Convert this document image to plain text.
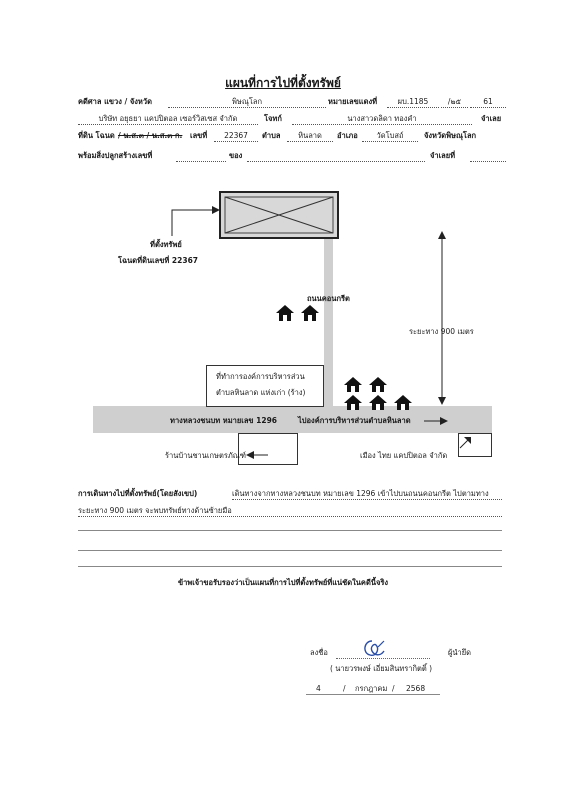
แผนที่การไปที่ตั้งทรัพย์
คดีศาล แขวง / จังหวัด	พิษณุโลก	หมายเลขแดงที่	ผบ.1185	/๒๕	61
บริษัท อยุธยา แคปปิตอล เซอร์วิสเซส จำกัด	โจทก์	นางสาวดลิดา ทองคำ	จำเลย
ที่ดิน โฉนด / น.ส.๓ / น.ส.๓ ก. เลขที่	22367	ตำบล	หินลาด	อำเภอ	วัดโบสถ์	จังหวัดพิษณุโลก
พร้อมสิ่งปลูกสร้างเลขที่	ของ	จำเลยที่
ที่ตั้งทรัพย์
โฉนดที่ดินเลขที่ 22367
ถนนคอนกรีต
ระยะทาง 900 เมตร
ที่ทำการองค์การบริหารส่วน
ตำบลหินลาด แห่งเก่า (ร้าง)
ทางหลวงชนบท หมายเลข 1296	ไปองค์การบริหารส่วนตำบลหินลาด
ร้านบ้านชานเกษตรภัณฑ์	เมือง ไทย แคปปิตอล จำกัด
การเดินทางไปที่ตั้งทรัพย์(โดยสังเขป)	เดินทางจากทางหลวงชนบท หมายเลข 1296 เข้าไปบนถนนคอนกรีต ไปตามทาง
ระยะทาง 900 เมตร จะพบทรัพย์ทางด้านซ้ายมือ
ข้าพเจ้าขอรับรองว่าเป็นแผนที่การไปที่ตั้งทรัพย์ที่แน่ชัดในคดีนี้จริง
ลงชื่อ	ผู้นำยึด
( นายวรพงษ์ เอี่ยมสินทรากิตติ์ )
4	/ กรกฎาคม / 2568
